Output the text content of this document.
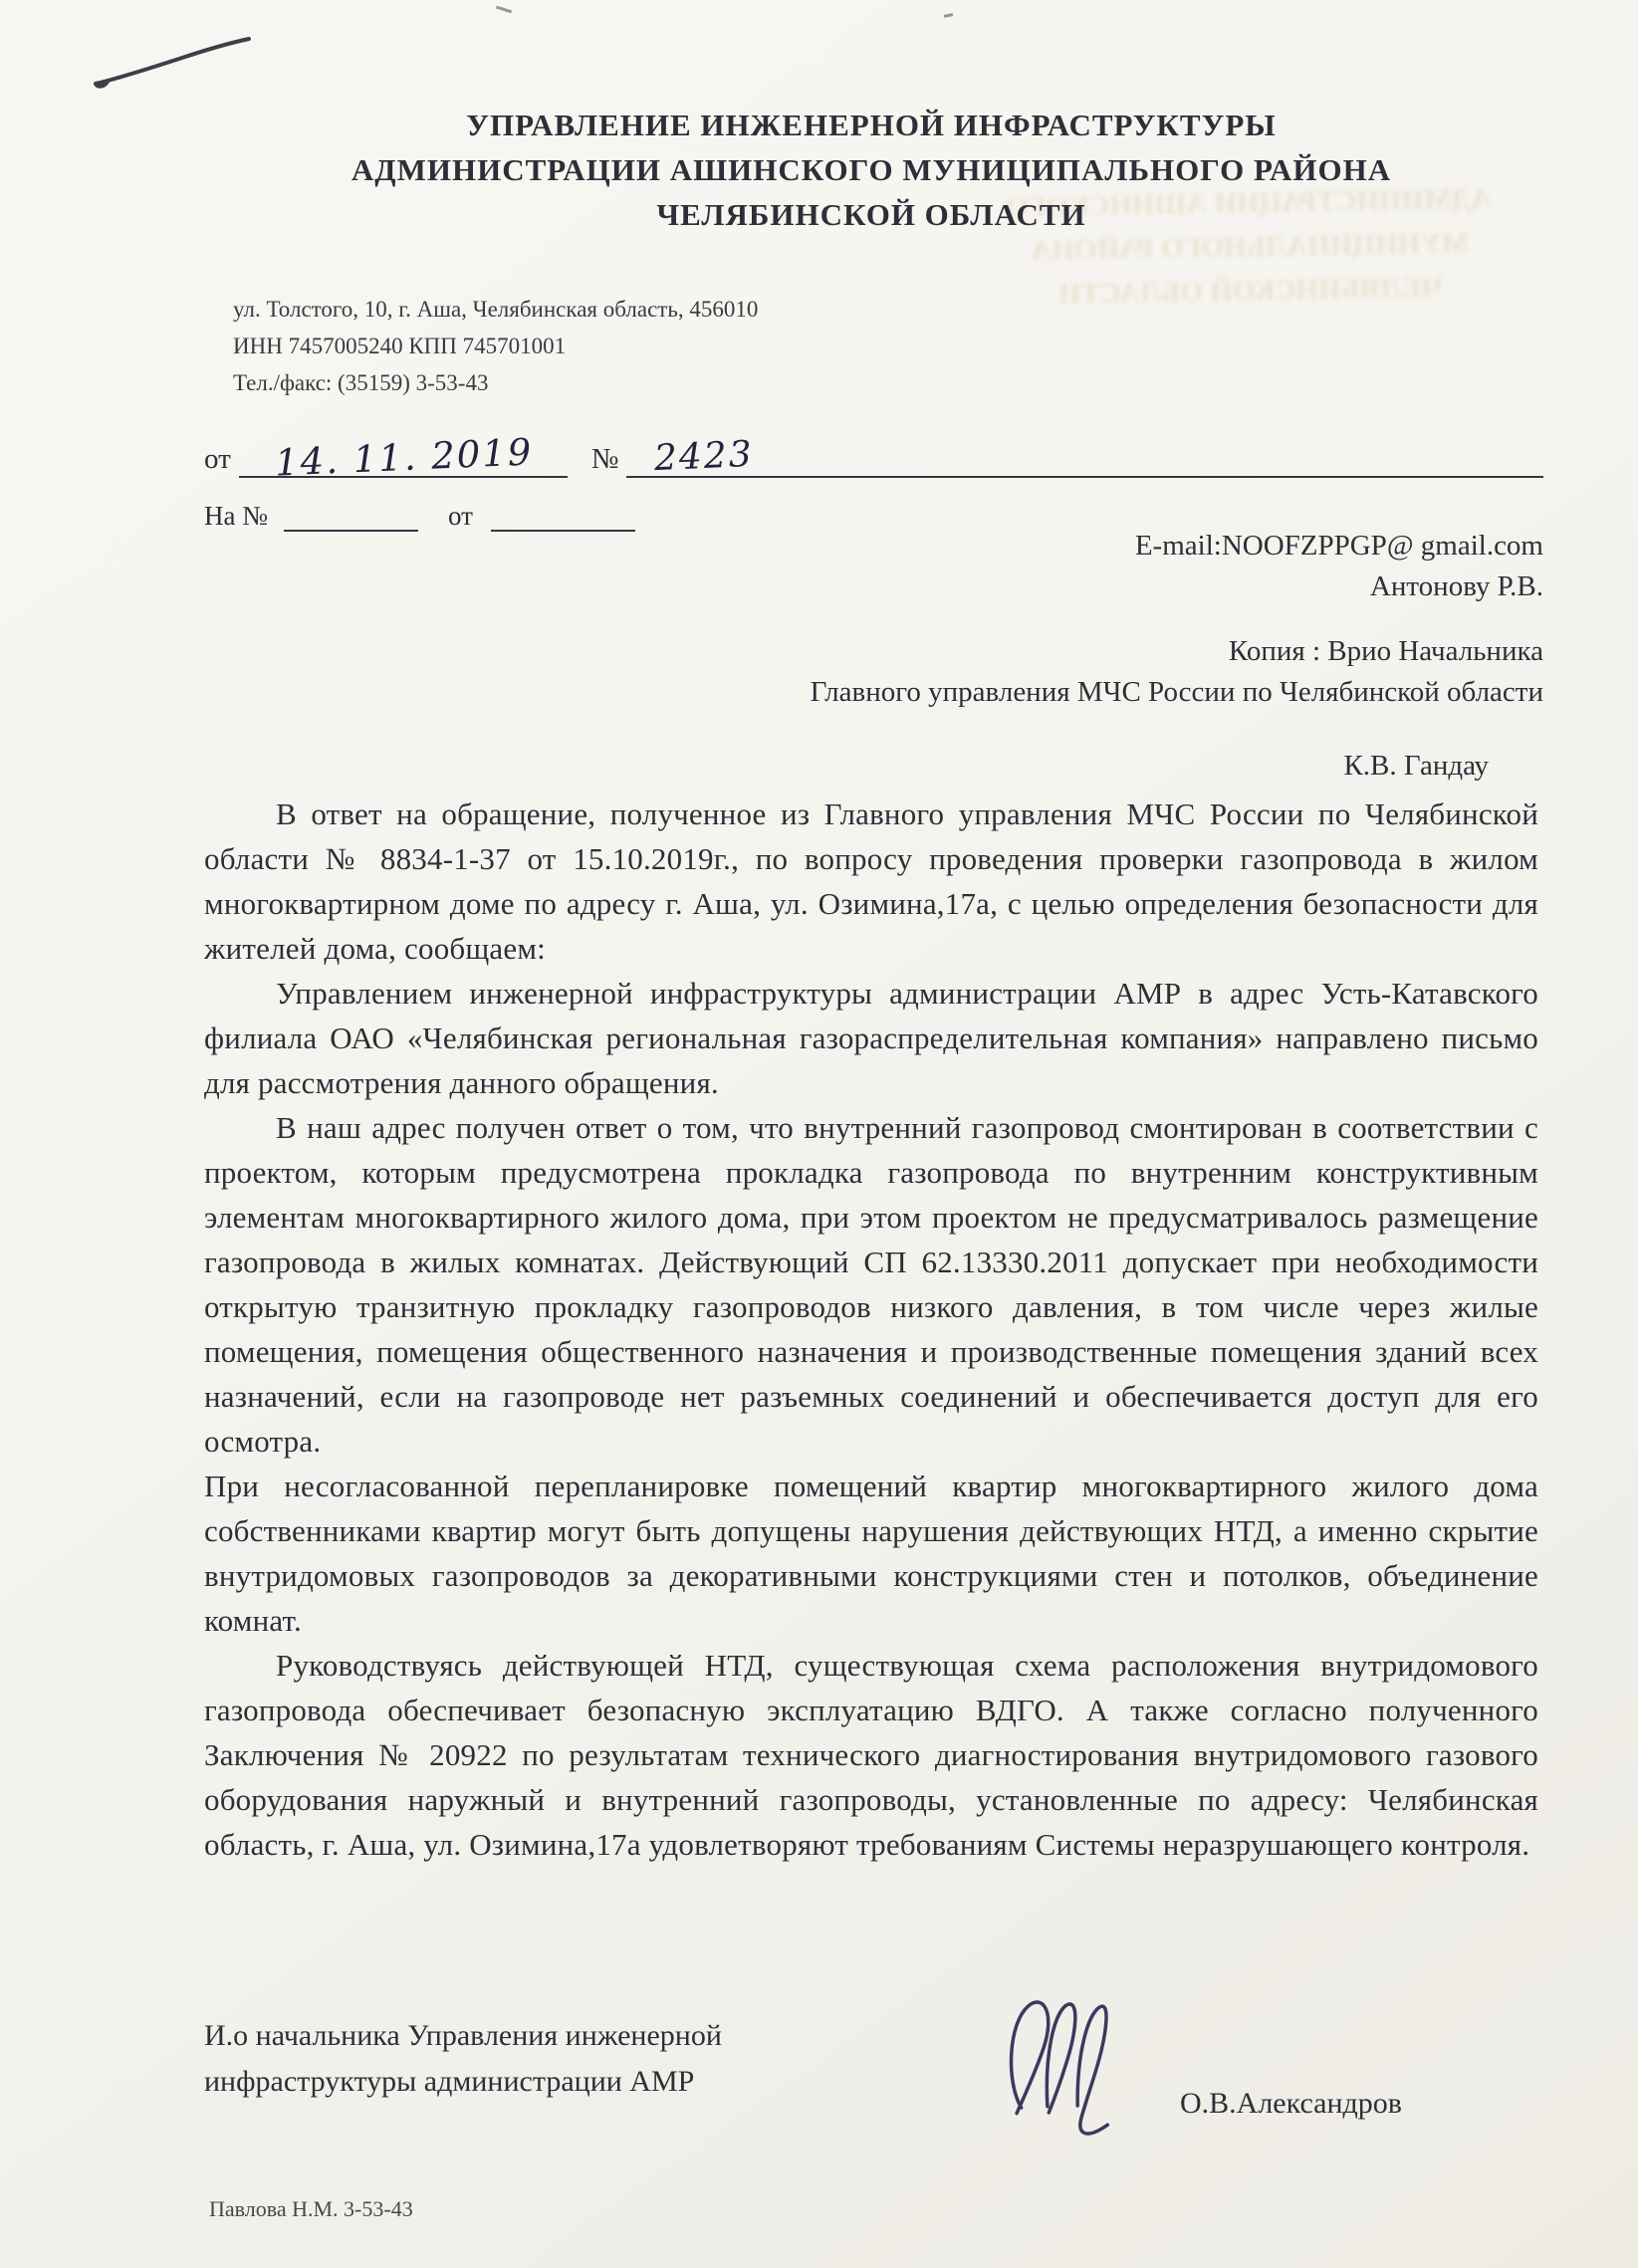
АДМИНИСТРАЦИИ АШИНСКОГО МУНИЦИПАЛЬНОГО РАЙОНА
ЧЕЛЯБИНСКОЙ ОБЛАСТИ
УПРАВЛЕНИЕ ИНЖЕНЕРНОЙ ИНФРАСТРУКТУРЫ
АДМИНИСТРАЦИИ АШИНСКОГО МУНИЦИПАЛЬНОГО РАЙОНА
ЧЕЛЯБИНСКОЙ ОБЛАСТИ
ул. Толстого, 10, г. Аша, Челябинская область, 456010
ИНН 7457005240 КПП 745701001
Тел./факс: (35159) 3-53-43
от	14. 11. 2019	№ 2423
На №	от
E-mail:NOOFZPPGP@ gmail.com
Антонову Р.В.
Копия : Врио Начальника
Главного управления МЧС России по Челябинской области
К.В. Гандау

В ответ на обращение, полученное из Главного управления МЧС России по Челябинской области № 8834-1-37 от 15.10.2019г., по вопросу проведения проверки газопровода в жилом многоквартирном доме по адресу г. Аша, ул. Озимина,17а, с целью определения безопасности для жителей дома, сообщаем:

Управлением инженерной инфраструктуры администрации АМР в адрес Усть-Катавского филиала ОАО «Челябинская региональная газораспределительная компания» направлено письмо для рассмотрения данного обращения.

В наш адрес получен ответ о том, что внутренний газопровод смонтирован в соответствии с проектом, которым предусмотрена прокладка газопровода по внутренним конструктивным элементам многоквартирного жилого дома, при этом проектом не предусматривалось размещение газопровода в жилых комнатах. Действующий СП 62.13330.2011 допускает при необходимости открытую транзитную прокладку газопроводов низкого давления, в том числе через жилые помещения, помещения общественного назначения и производственные помещения зданий всех назначений, если на газопроводе нет разъемных соединений и обеспечивается доступ для его осмотра.

При несогласованной перепланировке помещений квартир многоквартирного жилого дома собственниками квартир могут быть допущены нарушения действующих НТД, а именно скрытие внутридомовых газопроводов за декоративными конструкциями стен и потолков, объединение комнат.

Руководствуясь действующей НТД, существующая схема расположения внутридомового газопровода обеспечивает безопасную эксплуатацию ВДГО. А также согласно полученного Заключения № 20922 по результатам технического диагностирования внутридомового газового оборудования наружный и внутренний газопроводы, установленные по адресу: Челябинская область, г. Аша, ул. Озимина,17а удовлетворяют требованиям Системы неразрушающего контроля.

И.о начальника Управления инженерной
инфраструктуры администрации АМР
О.В.Александров
Павлова Н.М. 3-53-43
